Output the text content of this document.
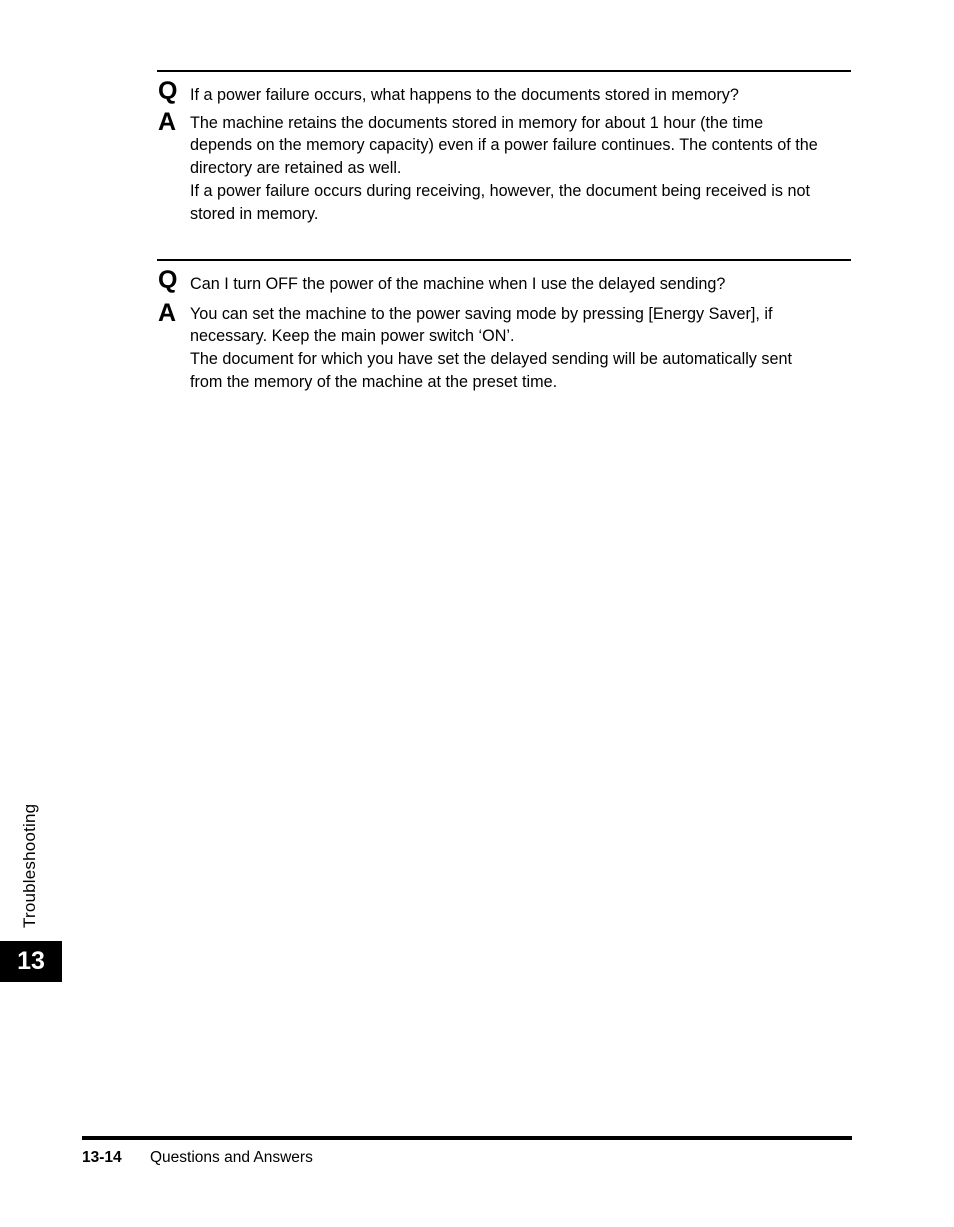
Q If a power failure occurs, what happens to the documents stored in memory?

A The machine retains the documents stored in memory for about 1 hour (the time

depends on the memory capacity) even if a power failure continues. The contents of the

directory are retained as well.

If a power failure occurs during receiving, however, the document being received is not

stored in memory.

Q Can I turn OFF the power of the machine when I use the delayed sending?

A You can set the machine to the power saving mode by pressing [Energy Saver], if

necessary. Keep the main power switch ‘ON’.

The document for which you have set the delayed sending will be automatically sent

from the memory of the machine at the preset time.

Troubleshooting
13
13-14 Questions and Answers
